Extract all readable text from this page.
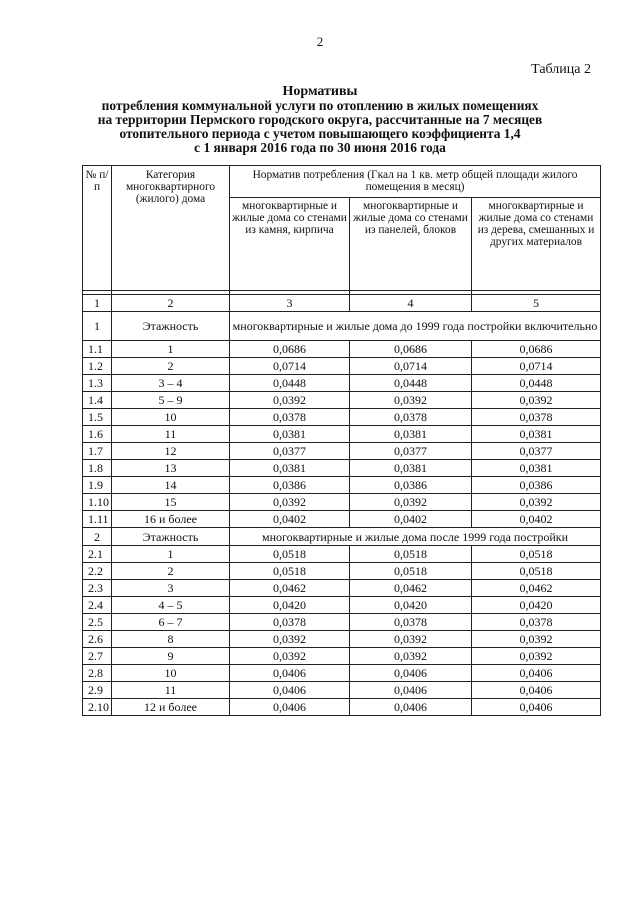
2
Таблица 2
Нормативы
потребления коммунальной услуги по отоплению в жилых помещениях
на территории Пермского городского округа, рассчитанные на 7 месяцев
отопительного периода с учетом повышающего коэффициента 1,4
с 1 января 2016 года по 30 июня 2016 года
№ п/п	Категория многоквартирного (жилого) дома	Норматив потребления (Гкал на 1 кв. метр общей площади жилого помещения в месяц)		
		многоквартирные и жилые дома со стенами из камня, кирпича	многоквартирные и жилые дома со стенами из панелей, блоков	многоквартирные и жилые дома со стенами из дерева, смешанных и других материалов

1	2	3	4	5
1	Этажность	многоквартирные и жилые дома до 1999 года постройки включительно		
1.1	1	0,0686	0,0686	0,0686
1.2	2	0,0714	0,0714	0,0714
1.3	3 – 4	0,0448	0,0448	0,0448
1.4	5 – 9	0,0392	0,0392	0,0392
1.5	10	0,0378	0,0378	0,0378
1.6	11	0,0381	0,0381	0,0381
1.7	12	0,0377	0,0377	0,0377
1.8	13	0,0381	0,0381	0,0381
1.9	14	0,0386	0,0386	0,0386
1.10	15	0,0392	0,0392	0,0392
1.11	16 и более	0,0402	0,0402	0,0402
2	Этажность	многоквартирные и жилые дома после 1999 года постройки		
2.1	1	0,0518	0,0518	0,0518
2.2	2	0,0518	0,0518	0,0518
2.3	3	0,0462	0,0462	0,0462
2.4	4 – 5	0,0420	0,0420	0,0420
2.5	6 – 7	0,0378	0,0378	0,0378
2.6	8	0,0392	0,0392	0,0392
2.7	9	0,0392	0,0392	0,0392
2.8	10	0,0406	0,0406	0,0406
2.9	11	0,0406	0,0406	0,0406
2.10	12 и более	0,0406	0,0406	0,0406
